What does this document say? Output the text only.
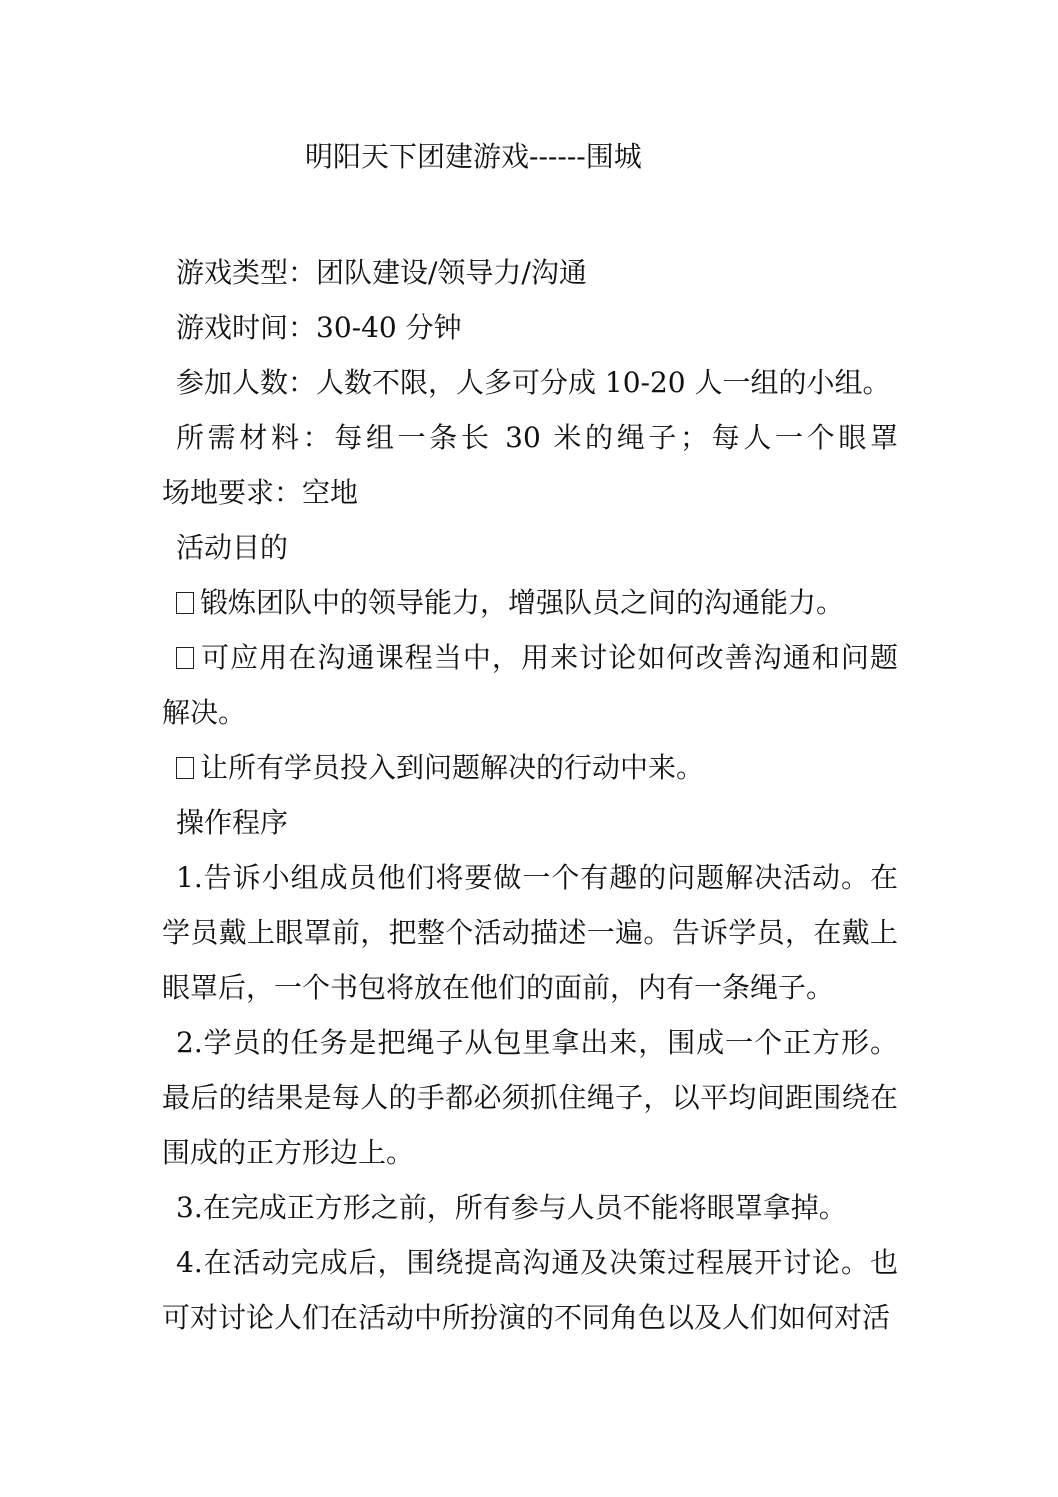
明阳天下团建游戏------围城

游戏类型：团队建设/领导力/沟通

游戏时间：30-40 分钟

参加人数：人数不限，人多可分成 10-20 人一组的小组。

所需材料：每组一条长 30 米的绳子；每人一个眼罩

场地要求：空地

活动目的

锻炼团队中的领导能力，增强队员之间的沟通能力。

可应用在沟通课程当中，用来讨论如何改善沟通和问题解决。

让所有学员投入到问题解决的行动中来。

操作程序

1.告诉小组成员他们将要做一个有趣的问题解决活动。在学员戴上眼罩前，把整个活动描述一遍。告诉学员，在戴上眼罩后，一个书包将放在他们的面前，内有一条绳子。

2.学员的任务是把绳子从包里拿出来，围成一个正方形。最后的结果是每人的手都必须抓住绳子，以平均间距围绕在围成的正方形边上。

3.在完成正方形之前，所有参与人员不能将眼罩拿掉。

4.在活动完成后，围绕提高沟通及决策过程展开讨论。也可对讨论人们在活动中所扮演的不同角色以及人们如何对活
